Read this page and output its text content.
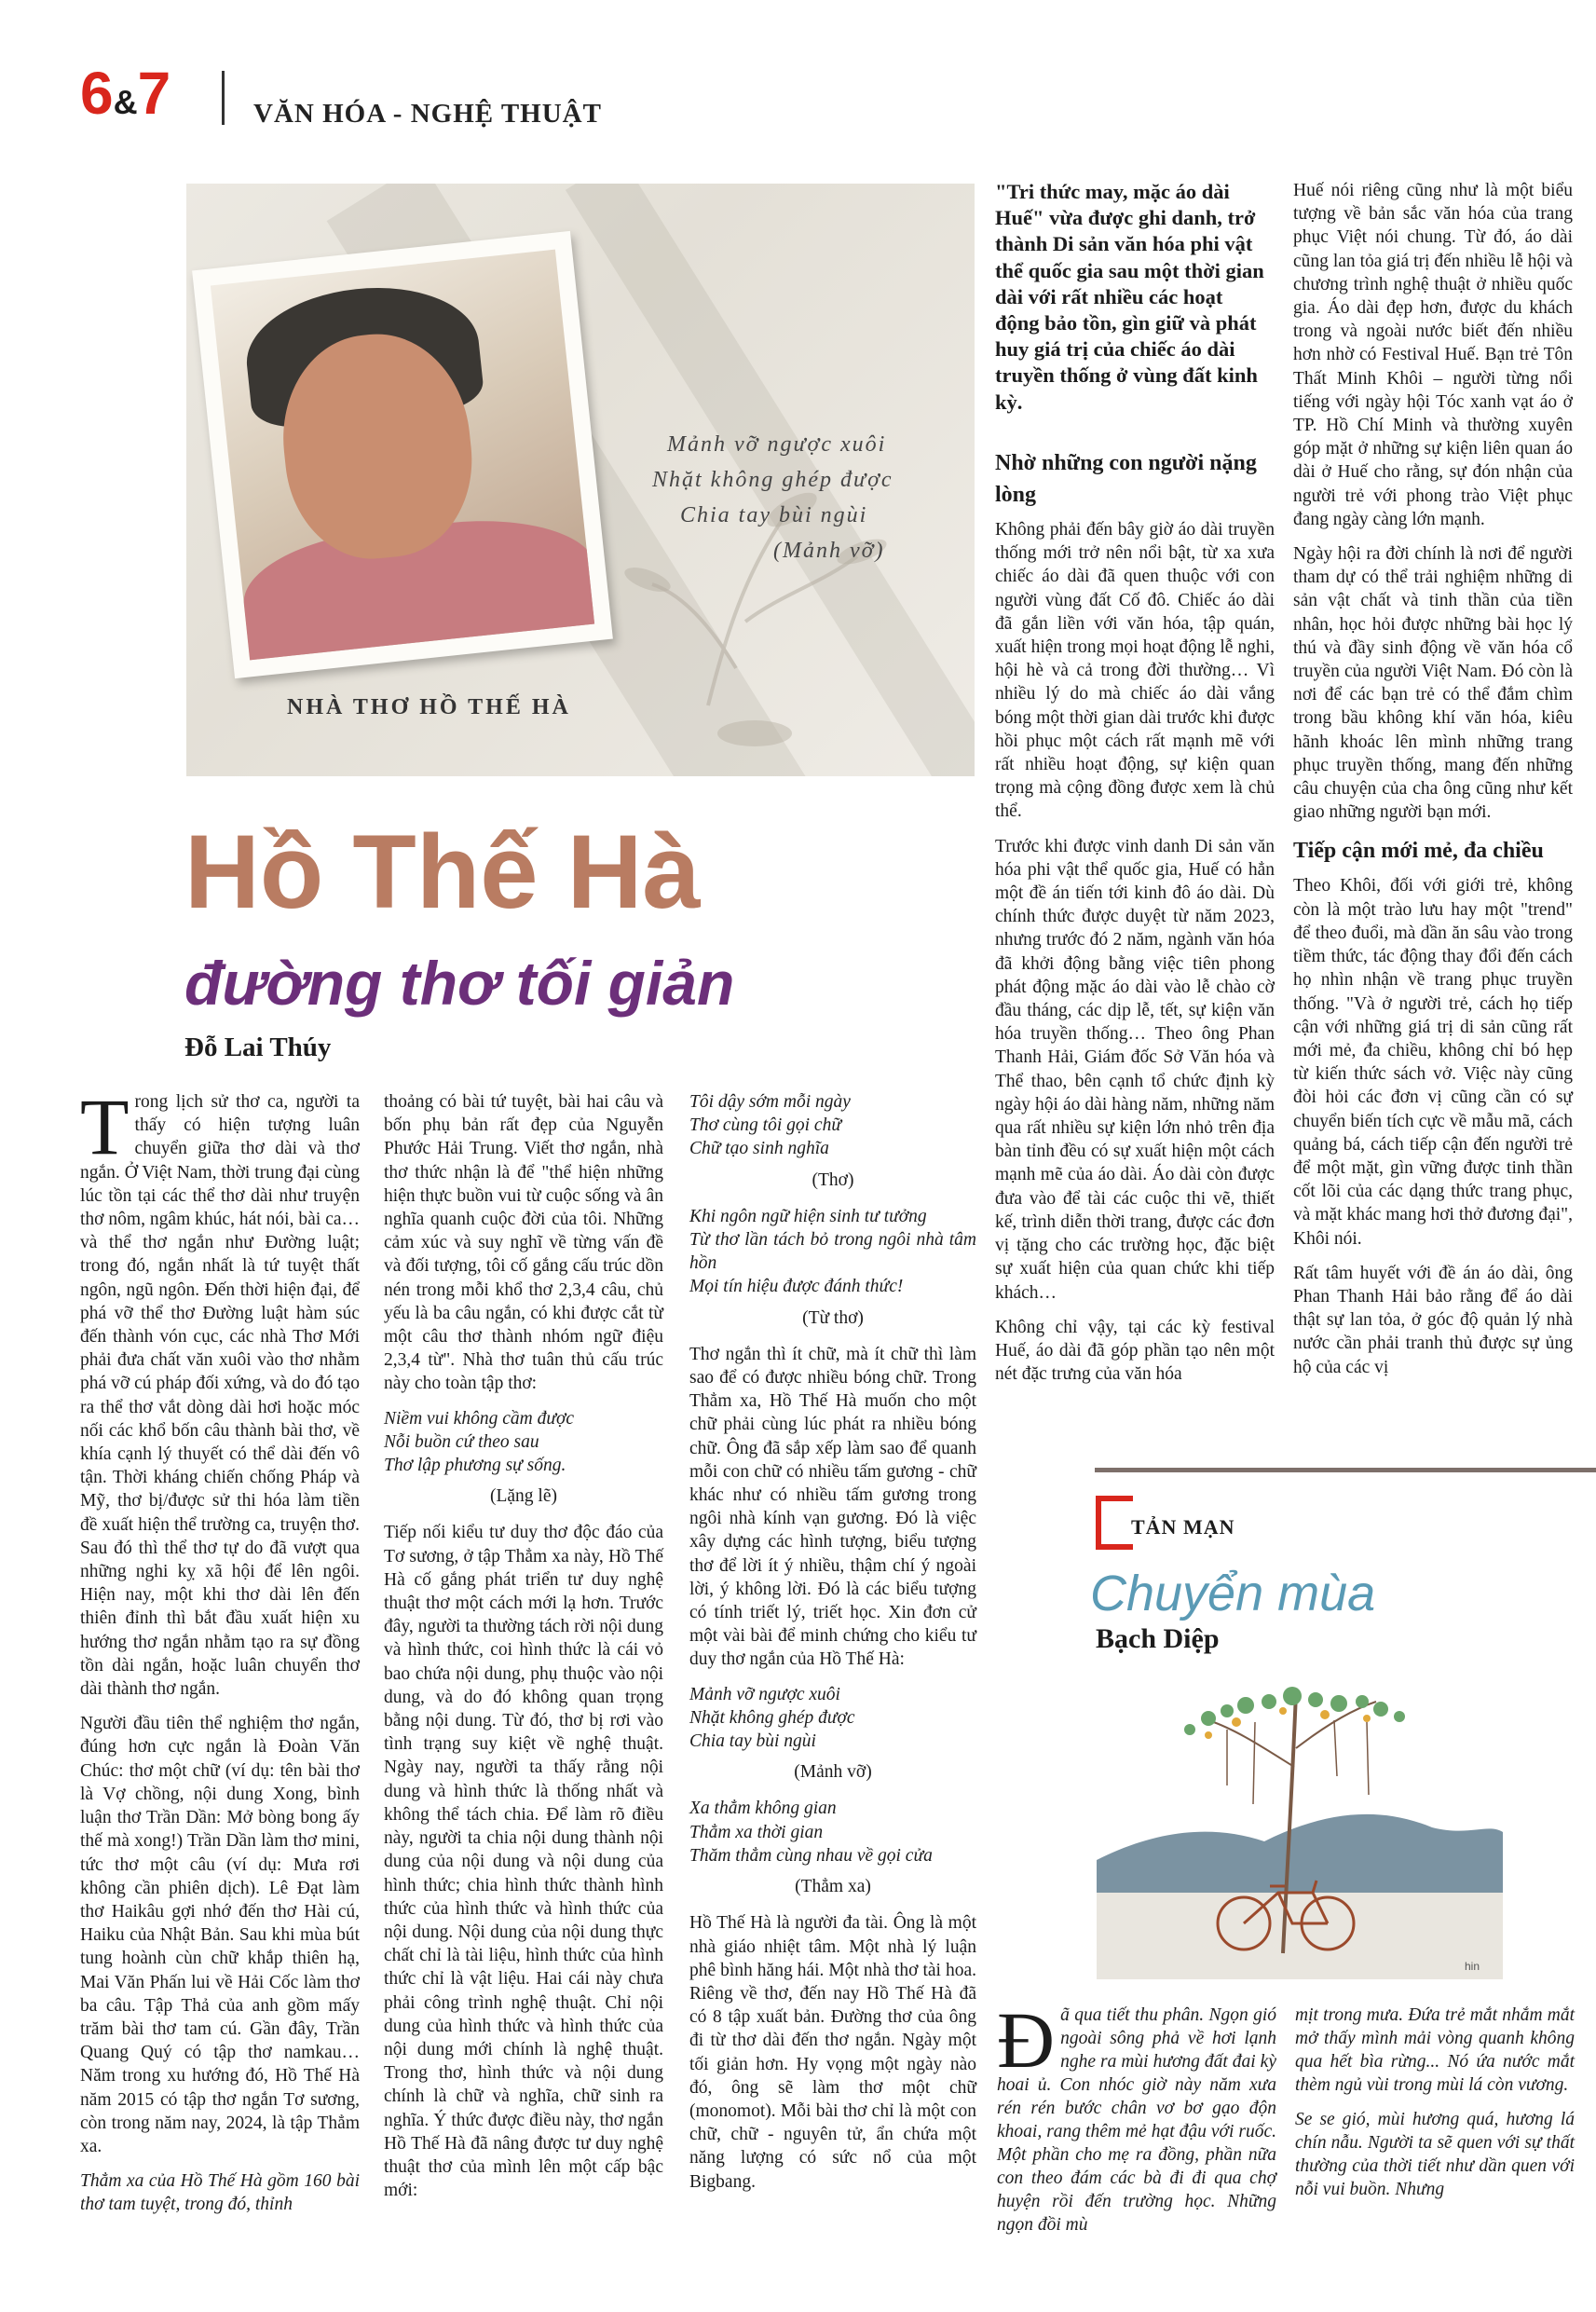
6&7	VĂN HÓA - NGHỆ THUẬT
Mảnh vỡ ngược xuôi
Nhặt không ghép được
Chia tay bùi ngùi
(Mảnh vỡ)
NHÀ THƠ HỒ THẾ HÀ
Hồ Thế Hà
đường thơ tối giản
Đỗ Lai Thúy

Trong lịch sử thơ ca, người ta thấy có hiện tượng luân chuyển giữa thơ dài và thơ ngắn. Ở Việt Nam, thời trung đại cùng lúc tồn tại các thể thơ dài như truyện thơ nôm, ngâm khúc, hát nói, bài ca… và thể thơ ngắn như Đường luật; trong đó, ngắn nhất là tứ tuyệt thất ngôn, ngũ ngôn. Đến thời hiện đại, để phá vỡ thể thơ Đường luật hàm súc đến thành vón cục, các nhà Thơ Mới phải đưa chất văn xuôi vào thơ nhằm phá vỡ cú pháp đối xứng, và do đó tạo ra thể thơ vắt dòng dài hơi hoặc móc nối các khổ bốn câu thành bài thơ, về khía cạnh lý thuyết có thể dài đến vô tận. Thời kháng chiến chống Pháp và Mỹ, thơ bị/được sử thi hóa làm tiền đề xuất hiện thể trường ca, truyện thơ. Sau đó thì thể thơ tự do đã vượt qua những nghi kỵ xã hội để lên ngôi. Hiện nay, một khi thơ dài lên đến thiên đỉnh thì bắt đầu xuất hiện xu hướng thơ ngắn nhằm tạo ra sự đồng tồn dài ngắn, hoặc luân chuyển thơ dài thành thơ ngắn.

Người đầu tiên thể nghiệm thơ ngắn, đúng hơn cực ngắn là Đoàn Văn Chúc: thơ một chữ (ví dụ: tên bài thơ là Vợ chồng, nội dung Xong, bình luận thơ Trần Dần: Mở bòng bong ấy thế mà xong!) Trần Dần làm thơ mini, tức thơ một câu (ví dụ: Mưa rơi không cần phiên dịch). Lê Đạt làm thơ Haikâu gợi nhớ đến thơ Hài cú, Haiku của Nhật Bản. Sau khi mùa bút tung hoành cùn chữ khắp thiên hạ, Mai Văn Phấn lui về Hải Cốc làm thơ ba câu. Tập Thả của anh gồm mấy trăm bài thơ tam cú. Gần đây, Trần Quang Quý có tập thơ namkau… Năm trong xu hướng đó, Hồ Thế Hà năm 2015 có tập thơ ngắn Tơ sương, còn trong năm nay, 2024, là tập Thẳm xa.

Thẳm xa của Hồ Thế Hà gồm 160 bài thơ tam tuyệt, trong đó, thỉnh

thoảng có bài tứ tuyệt, bài hai câu và bốn phụ bản rất đẹp của Nguyễn Phước Hải Trung. Viết thơ ngắn, nhà thơ thức nhận là để "thể hiện những hiện thực buồn vui từ cuộc sống và ân nghĩa quanh cuộc đời của tôi. Những cảm xúc và suy nghĩ về từng vấn đề và đối tượng, tôi cố gắng cấu trúc dồn nén trong mỗi khổ thơ 2,3,4 câu, chủ yếu là ba câu ngắn, có khi được cắt từ một câu thơ thành nhóm ngữ điệu 2,3,4 từ". Nhà thơ tuân thủ cấu trúc này cho toàn tập thơ:

Niềm vui không cầm được

Nỗi buồn cứ theo sau

Thơ lập phương sự sống.

(Lặng lẽ)

Tiếp nối kiểu tư duy thơ độc đáo của Tơ sương, ở tập Thẳm xa này, Hồ Thế Hà cố gắng phát triển tư duy nghệ thuật thơ một cách mới lạ hơn. Trước đây, người ta thường tách rời nội dung và hình thức, coi hình thức là cái vỏ bao chứa nội dung, phụ thuộc vào nội dung, và do đó không quan trọng bằng nội dung. Từ đó, thơ bị rơi vào tình trạng suy kiệt về nghệ thuật. Ngày nay, người ta thấy rằng nội dung và hình thức là thống nhất và không thể tách chia. Để làm rõ điều này, người ta chia nội dung thành nội dung của nội dung và nội dung của hình thức; chia hình thức thành hình thức của hình thức và hình thức của nội dung. Nội dung của nội dung thực chất chỉ là tài liệu, hình thức của hình thức chỉ là vật liệu. Hai cái này chưa phải công trình nghệ thuật. Chỉ nội dung của hình thức và hình thức của nội dung mới chính là nghệ thuật. Trong thơ, hình thức và nội dung chính là chữ và nghĩa, chữ sinh ra nghĩa. Ý thức được điều này, thơ ngắn Hồ Thế Hà đã nâng được tư duy nghệ thuật thơ của mình lên một cấp bậc mới:

Tôi dậy sớm mỗi ngày

Thơ cùng tôi gọi chữ

Chữ tạo sinh nghĩa

(Thơ)

Khi ngôn ngữ hiện sinh tư tưởng

Từ thơ lần tách bỏ trong ngôi nhà tâm hồn

Mọi tín hiệu được đánh thức!

(Từ thơ)

Thơ ngắn thì ít chữ, mà ít chữ thì làm sao để có được nhiều bóng chữ. Trong Thẳm xa, Hồ Thế Hà muốn cho một chữ phải cùng lúc phát ra nhiều bóng chữ. Ông đã sắp xếp làm sao để quanh mỗi con chữ có nhiều tấm gương - chữ khác như có nhiều tấm gương trong ngôi nhà kính vạn gương. Đó là việc xây dựng các hình tượng, biểu tượng thơ để lời ít ý nhiều, thậm chí ý ngoài lời, ý không lời. Đó là các biểu tượng có tính triết lý, triết học. Xin đơn cử một vài bài để minh chứng cho kiểu tư duy thơ ngắn của Hồ Thế Hà:

Mảnh vỡ ngược xuôi

Nhặt không ghép được

Chia tay bùi ngùi

(Mảnh vỡ)

Xa thẳm không gian

Thẳm xa thời gian

Thăm thẳm cùng nhau về gọi cửa

(Thẳm xa)

Hồ Thế Hà là người đa tài. Ông là một nhà giáo nhiệt tâm. Một nhà lý luận phê bình hăng hái. Một nhà thơ tài hoa. Riêng về thơ, đến nay Hồ Thế Hà đã có 8 tập xuất bản. Đường thơ của ông đi từ thơ dài đến thơ ngắn. Ngày một tối giản hơn. Hy vọng một ngày nào đó, ông sẽ làm thơ một chữ (monomot). Mỗi bài thơ chỉ là một con chữ, chữ - nguyên tử, ẩn chứa một năng lượng có sức nổ của một Bigbang.

"Tri thức may, mặc áo dài Huế" vừa được ghi danh, trở thành Di sản văn hóa phi vật thể quốc gia sau một thời gian dài với rất nhiều các hoạt động bảo tồn, gìn giữ và phát huy giá trị của chiếc áo dài truyền thống ở vùng đất kinh kỳ.
Nhờ những con người nặng lòng

Không phải đến bây giờ áo dài truyền thống mới trở nên nổi bật, từ xa xưa chiếc áo dài đã quen thuộc với con người vùng đất Cố đô. Chiếc áo dài đã gắn liền với văn hóa, tập quán, xuất hiện trong mọi hoạt động lễ nghi, hội hè và cả trong đời thường… Vì nhiều lý do mà chiếc áo dài vắng bóng một thời gian dài trước khi được hồi phục một cách rất mạnh mẽ với rất nhiều hoạt động, sự kiện quan trọng mà cộng đồng được xem là chủ thể.

Trước khi được vinh danh Di sản văn hóa phi vật thể quốc gia, Huế có hẳn một đề án tiến tới kinh đô áo dài. Dù chính thức được duyệt từ năm 2023, nhưng trước đó 2 năm, ngành văn hóa đã khởi động bằng việc tiên phong phát động mặc áo dài vào lễ chào cờ đầu tháng, các dịp lễ, tết, sự kiện văn hóa truyền thống… Theo ông Phan Thanh Hải, Giám đốc Sở Văn hóa và Thể thao, bên cạnh tổ chức định kỳ ngày hội áo dài hàng năm, những năm qua rất nhiều sự kiện lớn nhỏ trên địa bàn tỉnh đều có sự xuất hiện một cách mạnh mẽ của áo dài. Áo dài còn được đưa vào để tài các cuộc thi vẽ, thiết kế, trình diễn thời trang, được các đơn vị tặng cho các trường học, đặc biệt sự xuất hiện của quan chức khi tiếp khách…

Không chỉ vậy, tại các kỳ festival Huế, áo dài đã góp phần tạo nên một nét đặc trưng của văn hóa

Huế nói riêng cũng như là một biểu tượng về bản sắc văn hóa của trang phục Việt nói chung. Từ đó, áo dài cũng lan tỏa giá trị đến nhiều lễ hội và chương trình nghệ thuật ở nhiều quốc gia. Áo dài đẹp hơn, được du khách trong và ngoài nước biết đến nhiều hơn nhờ có Festival Huế. Bạn trẻ Tôn Thất Minh Khôi – người từng nổi tiếng với ngày hội Tóc xanh vạt áo ở TP. Hồ Chí Minh và thường xuyên góp mặt ở những sự kiện liên quan áo dài ở Huế cho rằng, sự đón nhận của người trẻ với phong trào Việt phục đang ngày càng lớn mạnh.

Ngày hội ra đời chính là nơi để người tham dự có thể trải nghiệm những di sản vật chất và tinh thần của tiền nhân, học hỏi được những bài học lý thú và đầy sinh động về văn hóa cổ truyền của người Việt Nam. Đó còn là nơi để các bạn trẻ có thể đắm chìm trong bầu không khí văn hóa, kiêu hãnh khoác lên mình những trang phục truyền thống, mang đến những câu chuyện của cha ông cũng như kết giao những người bạn mới.

Tiếp cận mới mẻ, đa chiều

Theo Khôi, đối với giới trẻ, không còn là một trào lưu hay một "trend" để theo đuổi, mà dần ăn sâu vào trong tiềm thức, tác động thay đổi đến cách họ nhìn nhận về trang phục truyền thống. "Và ở người trẻ, cách họ tiếp cận với những giá trị di sản cũng rất mới mẻ, đa chiều, không chỉ bó hẹp từ kiến thức sách vở. Việc này cũng đòi hỏi các đơn vị cũng cần có sự chuyển biến tích cực về mẫu mã, cách quảng bá, cách tiếp cận đến người trẻ để một mặt, gìn vững được tinh thần cốt lõi của các dạng thức trang phục, và mặt khác mang hơi thở đương đại", Khôi nói.

Rất tâm huyết với đề án áo dài, ông Phan Thanh Hải bảo rằng để áo dài thật sự lan tỏa, ở góc độ quản lý nhà nước cần phải tranh thủ được sự ủng hộ của các vị

TẢN MẠN
Chuyển mùa
Bạch Diệp
hin

Đã qua tiết thu phân. Ngọn gió ngoài sông phả về hơi lạnh nghe ra mùi hương đất đai kỳ hoai ủ. Con nhóc giờ này năm xưa rén rén bước chân vơ bơ gạo độn khoai, rang thêm mẻ hạt đậu với ruốc. Một phần cho mẹ ra đồng, phần nữa con theo đám các bà đi đi qua chợ huyện rồi đến trường học. Những ngọn đồi mù

mịt trong mưa. Đứa trẻ mắt nhắm mắt mở thấy mình mải vòng quanh không qua hết bìa rừng... Nó ứa nước mắt thèm ngủ vùi trong mùi lá còn vương.

Se se gió, mùi hương quá, hương lá chín nẫu. Người ta sẽ quen với sự thất thường của thời tiết như dần quen với nỗi vui buồn. Nhưng
